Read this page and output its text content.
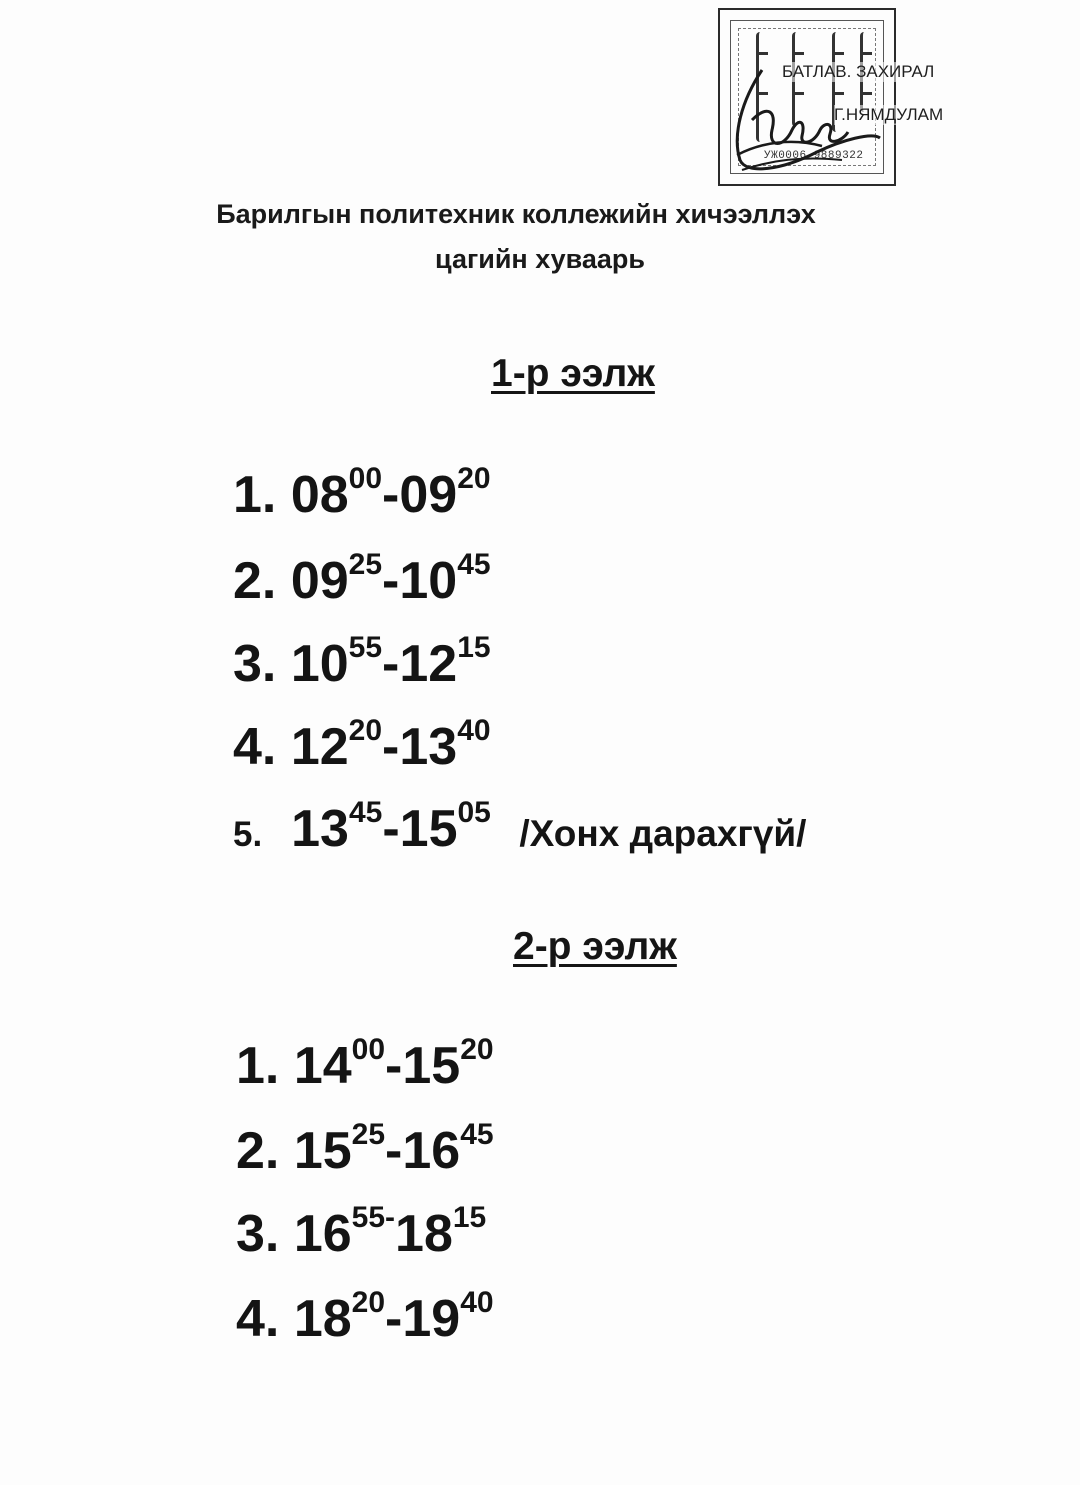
УЖ0006 9889322
БАТЛАВ. ЗАХИРАЛ
Г.НЯМДУЛАМ
Барилгын политехник коллежийн хичээллэх
цагийн хуваарь
1-р ээлж
1. $08^{00}-09^{20}$
2. $09^{25}-10^{45}$
3. $10^{55}-12^{15}$
4. $12^{20}-13^{40}$
5. $13^{45}-15^{05}$ /Хонх дарахгүй/
2-р ээлж
1. $14^{00}-15^{20}$
2. $15^{25}-16^{45}$
3. $16^{55-}18^{15}$
4. $18^{20}-19^{40}$
